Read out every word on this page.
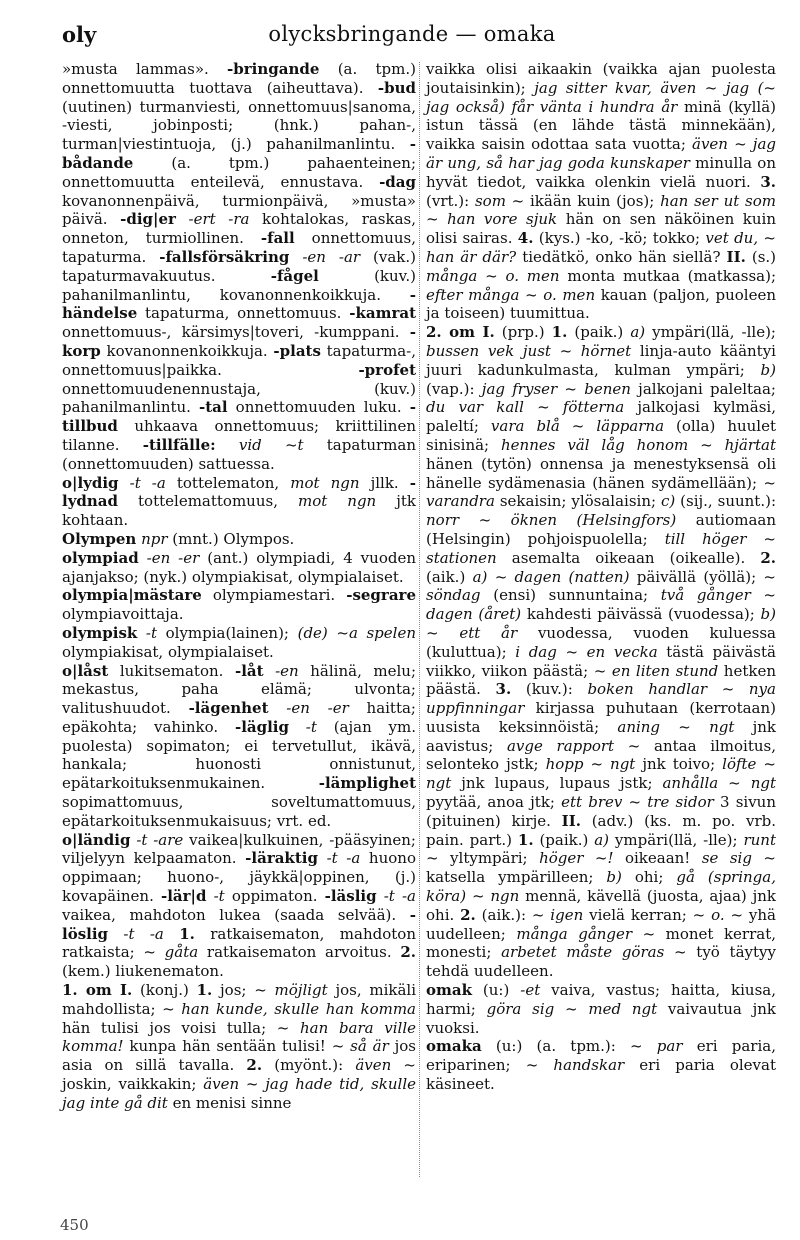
oly	olycksbringande — omaka

»musta lammas». -bringande (a. tpm.) onnettomuutta tuottava (aiheuttava). -bud (uutinen) turmanviesti, onnettomuus|sanoma, -viesti, jobinposti; (hnk.) pahan-, turman|viestintuoja, (j.) pahanilmanlintu. -bådande (a. tpm.) pahaenteinen; onnettomuutta enteilevä, ennustava. -dag kovanonnenpäivä, turmionpäivä, »musta» päivä. -dig|er -ert -ra kohtalokas, raskas, onneton, turmiollinen. -fall onnettomuus, tapaturma. -fallsförsäkring -en -ar (vak.) tapaturmavakuutus. -fågel (kuv.) pahanilmanlintu, kovanonnenkoikkuja. -händelse tapaturma, onnettomuus. -kamrat onnettomuus-, kärsimys|toveri, -kumppani. -korp kovanonnenkoikkuja. -plats tapaturma-, onnettomuus|paikka. -profet onnettomuudenennustaja, (kuv.) pahanilmanlintu. -tal onnettomuuden luku. -tillbud uhkaava onnettomuus; kriittilinen tilanne. -tillfälle: vid ~t tapaturman (onnettomuuden) sattuessa.

o|lydig -t -a tottelematon, mot ngn jllk. -lydnad tottelemattomuus, mot ngn jtk kohtaan.

Olympen npr (mnt.) Olympos.

olympiad -en -er (ant.) olympiadi, 4 vuoden ajanjakso; (nyk.) olympiakisat, olympialaiset.

olympia|mästare olympiamestari. -segrare olympiavoittaja.

olympisk -t olympia(lainen); (de) ~a spelen olympiakisat, olympialaiset.

o|låst lukitsematon. -låt -en hälinä, melu; mekastus, paha elämä; ulvonta; valitushuudot. -lägenhet -en -er haitta; epäkohta; vahinko. -läglig -t (ajan ym. puolesta) sopimaton; ei tervetullut, ikävä, hankala; huonosti onnistunut, epätarkoituksenmukainen. -lämplighet sopimattomuus, soveltumattomuus, epätarkoituksenmukaisuus; vrt. ed.

o|ländig -t -are vaikea|kulkuinen, -pääsyinen; viljelyyn kelpaamaton. -läraktig -t -a huono oppimaan; huono-, jäykkä|oppinen, (j.) kovapäinen. -lär|d -t oppimaton. -läslig -t -a vaikea, mahdoton lukea (saada selvää). -löslig -t -a 1. ratkaisematon, mahdoton ratkaista; ~ gåta ratkaisematon arvoitus. 2. (kem.) liukenematon.

1. om I. (konj.) 1. jos; ~ möjligt jos, mikäli mahdollista; ~ han kunde, skulle han komma hän tulisi jos voisi tulla; ~ han bara ville komma! kunpa hän sentään tulisi! ~ så är jos asia on sillä tavalla. 2. (myönt.): även ~ joskin, vaikkakin; även ~ jag hade tid, skulle jag inte gå dit en menisi sinne

vaikka olisi aikaakin (vaikka ajan puolesta joutaisinkin); jag sitter kvar, även ~ jag (~ jag också) får vänta i hundra år minä (kyllä) istun tässä (en lähde tästä minnekään), vaikka saisin odottaa sata vuotta; även ~ jag är ung, så har jag goda kunskaper minulla on hyvät tiedot, vaikka olenkin vielä nuori. 3. (vrt.): som ~ ikään kuin (jos); han ser ut som ~ han vore sjuk hän on sen näköinen kuin olisi sairas. 4. (kys.) -ko, -kö; tokko; vet du, ~ han är där? tiedätkö, onko hän siellä? II. (s.) många ~ o. men monta mutkaa (matkassa); efter många ~ o. men kauan (paljon, puoleen ja toiseen) tuumittua.

2. om I. (prp.) 1. (paik.) a) ympäri(llä, -lle); bussen vek just ~ hörnet linja-auto kääntyi juuri kadunkulmasta, kulman ympäri; b) (vap.): jag fryser ~ benen jalkojani paleltaa; du var kall ~ fötterna jalkojasi kylmäsi, paleltí; vara blå ~ läpparna (olla) huulet sinisinä; hennes väl låg honom ~ hjärtat hänen (tytön) onnensa ja menestyksensä oli hänelle sydämenasia (hänen sydämellään); ~ varandra sekaisin; ylösalaisin; c) (sij., suunt.): norr ~ öknen (Helsingfors) autiomaan (Helsingin) pohjoispuolella; till höger ~ stationen asemalta oikeaan (oikealle). 2. (aik.) a) ~ dagen (natten) päivällä (yöllä); ~ söndag (ensi) sunnuntaina; två gånger ~ dagen (året) kahdesti päivässä (vuodessa); b) ~ ett år vuodessa, vuoden kuluessa (kuluttua); i dag ~ en vecka tästä päivästä viikko, viikon päästä; ~ en liten stund hetken päästä. 3. (kuv.): boken handlar ~ nya uppfinningar kirjassa puhutaan (kerrotaan) uusista keksinnöistä; aning ~ ngt jnk aavistus; avge rapport ~ antaa ilmoitus, selonteko jstk; hopp ~ ngt jnk toivo; löfte ~ ngt jnk lupaus, lupaus jstk; anhålla ~ ngt pyytää, anoa jtk; ett brev ~ tre sidor 3 sivun (pituinen) kirje. II. (adv.) (ks. m. po. vrb. pain. part.) 1. (paik.) a) ympäri(llä, -lle); runt ~ yltympäri; höger ~! oikeaan! se sig ~ katsella ympärilleen; b) ohi; gå (springa, köra) ~ ngn mennä, kävellä (juosta, ajaa) jnk ohi. 2. (aik.): ~ igen vielä kerran; ~ o. ~ yhä uudelleen; många gånger ~ monet kerrat, monesti; arbetet måste göras ~ työ täytyy tehdä uudelleen.

omak (u:) -et vaiva, vastus; haitta, kiusa, harmi; göra sig ~ med ngt vaivautua jnk vuoksi.

omaka (u:) (a. tpm.): ~ par eri paria, eriparinen; ~ handskar eri paria olevat käsineet.

450
